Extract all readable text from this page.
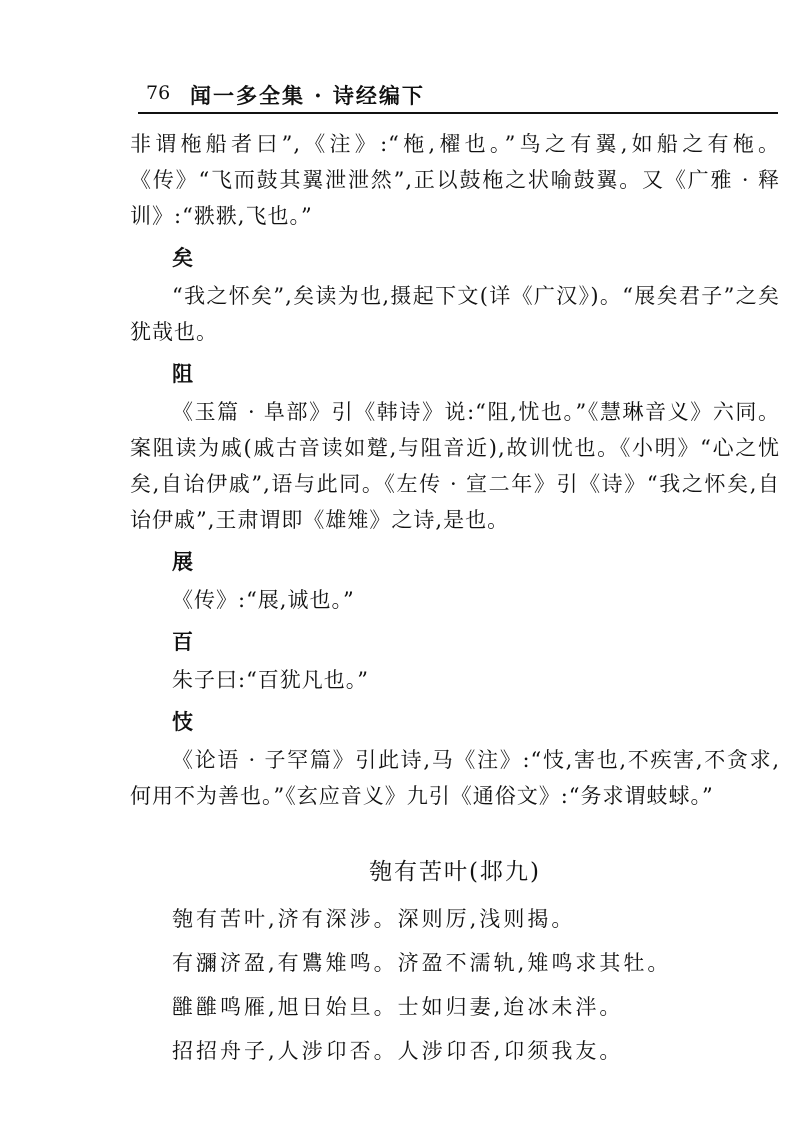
76 闻一多全集 · 诗经编下

非谓柂船者曰”,《注》:“柂,櫂也。”鸟之有翼,如船之有柂。《传》“飞而鼓其翼泄泄然”,正以鼓柂之状喻鼓翼。又《广雅 · 释训》:“翐翐,飞也。”

矣

“我之怀矣”,矣读为也,摄起下文(详《广汉》)。“展矣君子”之矣犹哉也。

阻

《玉篇 · 阜部》引《韩诗》说:“阻,忧也。”《慧琳音义》六同。案阻读为戚(戚古音读如蹵,与阻音近),故训忧也。《小明》“心之忧矣,自诒伊戚”,语与此同。《左传 · 宣二年》引《诗》“我之怀矣,自诒伊戚”,王肃谓即《雄雉》之诗,是也。

展

《传》:“展,诚也。”

百

朱子曰:“百犹凡也。”

忮

《论语 · 子罕篇》引此诗,马《注》:“忮,害也,不疾害,不贪求,何用不为善也。”《玄应音义》九引《通俗文》:“务求谓蚑蛷。”

匏有苦叶(邶九)
匏有苦叶,济有深涉。深则厉,浅则揭。
有瀰济盈,有鷕雉鸣。济盈不濡轨,雉鸣求其牡。
雝雝鸣雁,旭日始旦。士如归妻,迨冰未泮。
招招舟子,人涉卬否。人涉卬否,卬须我友。
